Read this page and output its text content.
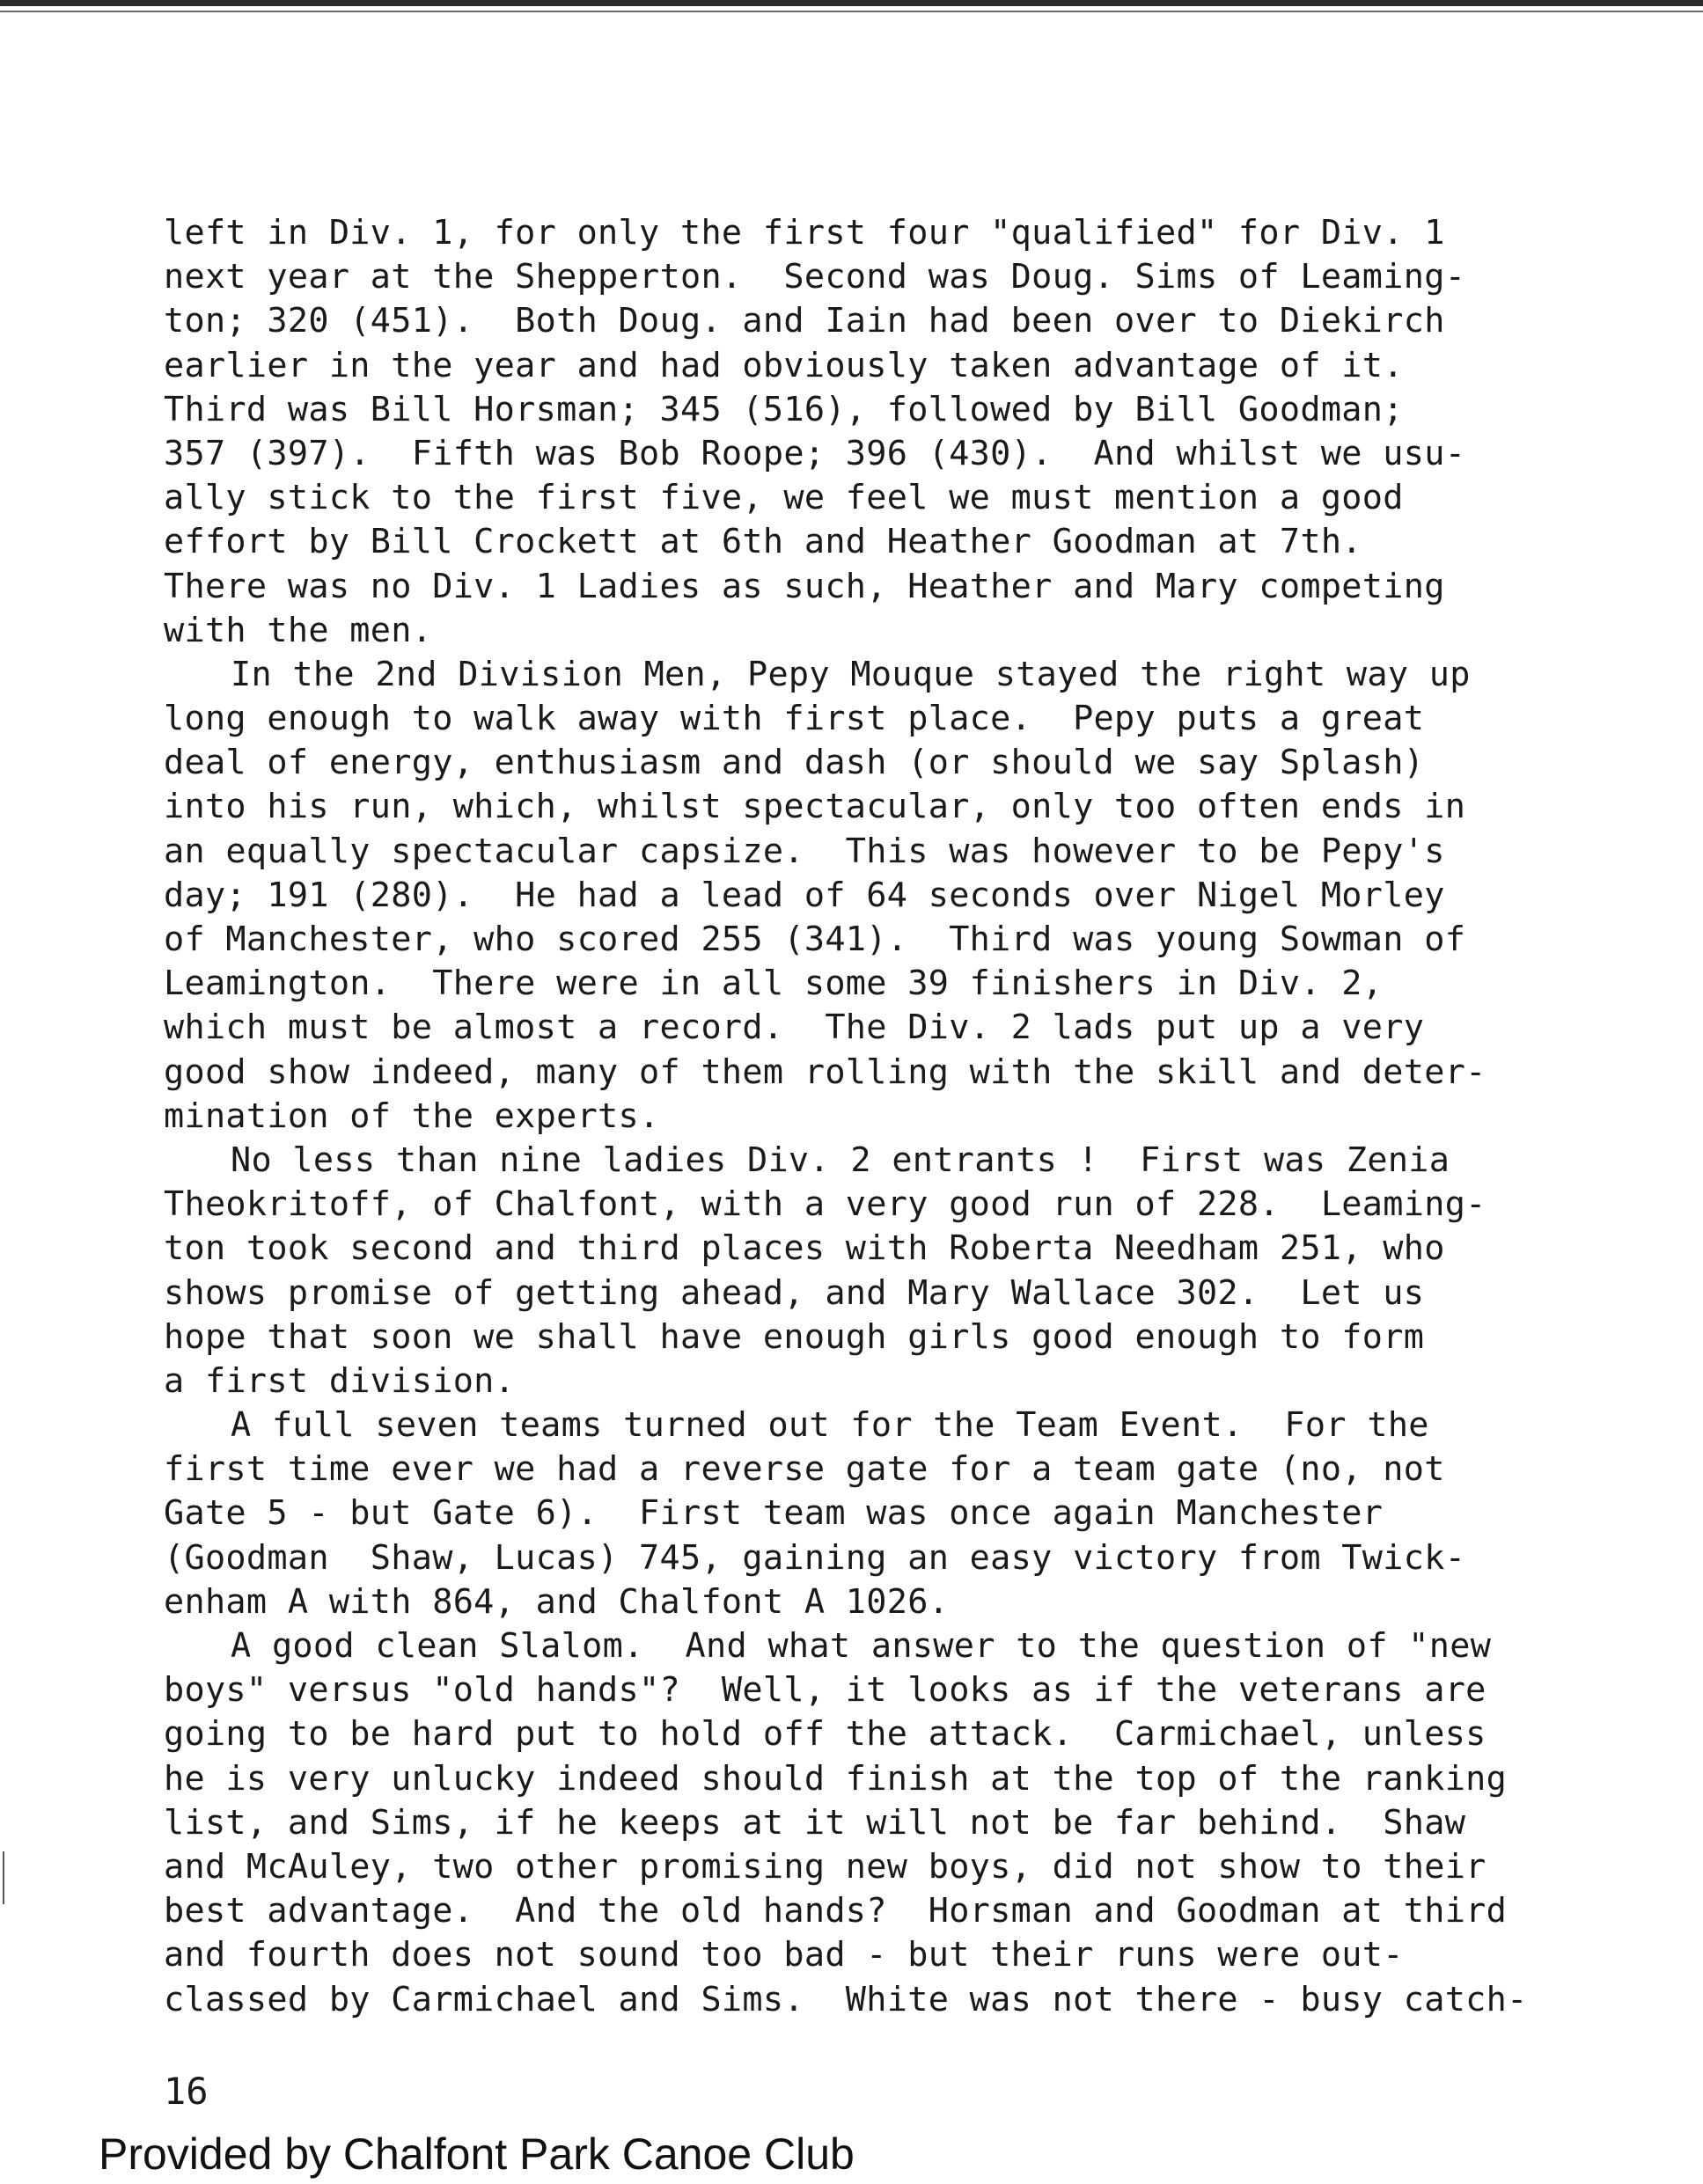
left in Div. 1, for only the first four "qualified" for Div. 1
next year at the Shepperton.  Second was Doug. Sims of Leaming-
ton; 320 (451).  Both Doug. and Iain had been over to Diekirch
earlier in the year and had obviously taken advantage of it.
Third was Bill Horsman; 345 (516), followed by Bill Goodman;
357 (397).  Fifth was Bob Roope; 396 (430).  And whilst we usu-
ally stick to the first five, we feel we must mention a good
effort by Bill Crockett at 6th and Heather Goodman at 7th.
There was no Div. 1 Ladies as such, Heather and Mary competing
with the men.
In the 2nd Division Men, Pepy Mouque stayed the right way up
long enough to walk away with first place.  Pepy puts a great
deal of energy, enthusiasm and dash (or should we say Splash)
into his run, which, whilst spectacular, only too often ends in
an equally spectacular capsize.  This was however to be Pepy's
day; 191 (280).  He had a lead of 64 seconds over Nigel Morley
of Manchester, who scored 255 (341).  Third was young Sowman of
Leamington.  There were in all some 39 finishers in Div. 2,
which must be almost a record.  The Div. 2 lads put up a very
good show indeed, many of them rolling with the skill and deter-
mination of the experts.
No less than nine ladies Div. 2 entrants !  First was Zenia
Theokritoff, of Chalfont, with a very good run of 228.  Leaming-
ton took second and third places with Roberta Needham 251, who
shows promise of getting ahead, and Mary Wallace 302.  Let us
hope that soon we shall have enough girls good enough to form
a first division.
A full seven teams turned out for the Team Event.  For the
first time ever we had a reverse gate for a team gate (no, not
Gate 5 - but Gate 6).  First team was once again Manchester
(Goodman  Shaw, Lucas) 745, gaining an easy victory from Twick-
enham A with 864, and Chalfont A 1026.
A good clean Slalom.  And what answer to the question of "new
boys" versus "old hands"?  Well, it looks as if the veterans are
going to be hard put to hold off the attack.  Carmichael, unless
he is very unlucky indeed should finish at the top of the ranking
list, and Sims, if he keeps at it will not be far behind.  Shaw
and McAuley, two other promising new boys, did not show to their
best advantage.  And the old hands?  Horsman and Goodman at third
and fourth does not sound too bad - but their runs were out-
classed by Carmichael and Sims.  White was not there - busy catch-
16
Provided by Chalfont Park Canoe Club
